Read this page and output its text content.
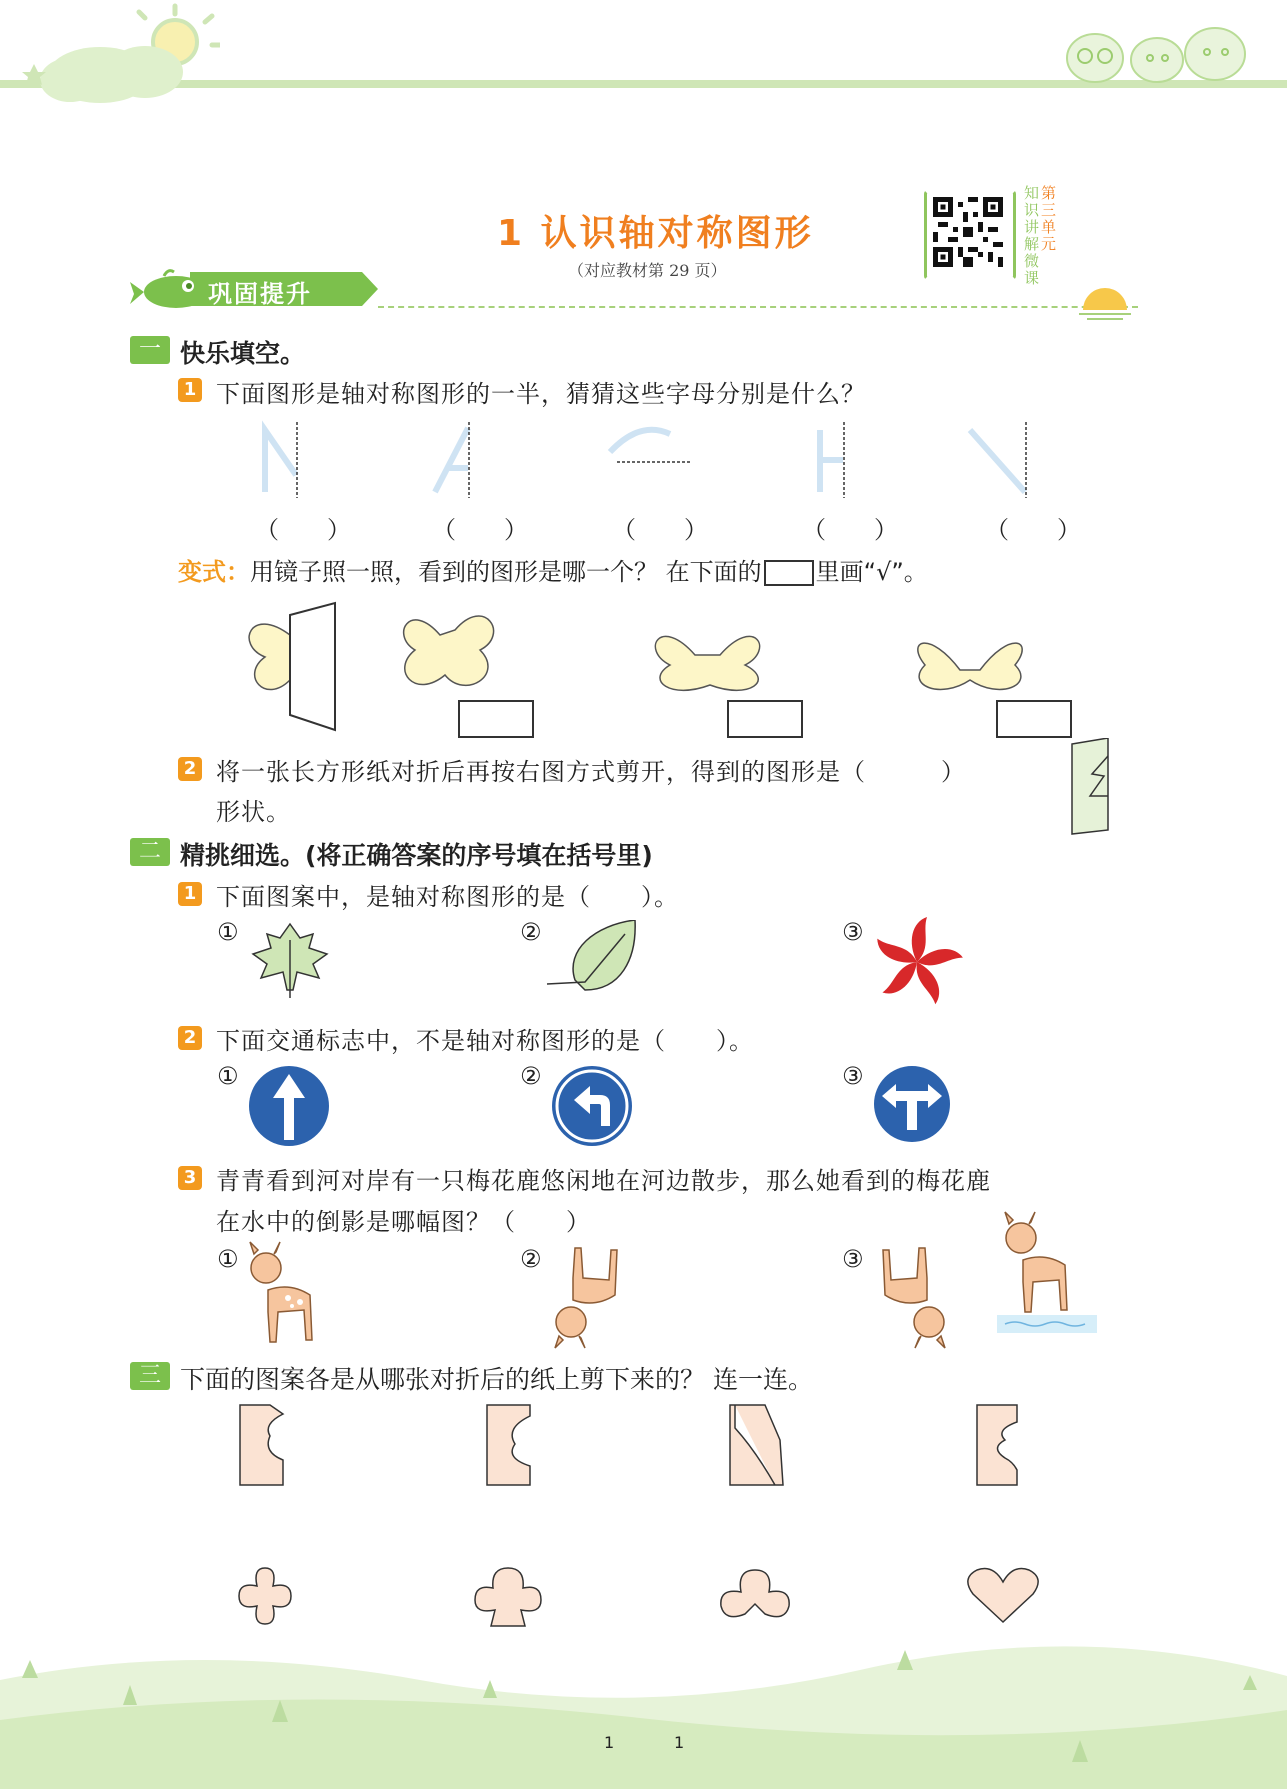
1 认识轴对称图形
（对应教材第 29 页）
第
三
单
元
知
识
讲
解
微
课
巩固提升
一 快乐填空。
1 下面图形是轴对称图形的一半，猜猜这些字母分别是什么？
（　　）	（　　）	（　　）	（　　）	（　　）
变式：用镜子照一照，看到的图形是哪一个？ 在下面的 里画“√”。
2 将一张长方形纸对折后再按右图方式剪开，得到的图形是（　　　）
形状。
二 精挑细选。(将正确答案的序号填在括号里)
1 下面图案中，是轴对称图形的是（　　）。
①	②	③
2 下面交通标志中，不是轴对称图形的是（　　）。
①	②	③
3 青青看到河对岸有一只梅花鹿悠闲地在河边散步，那么她看到的梅花鹿
在水中的倒影是哪幅图？（　　）
①	②	③
三 下面的图案各是从哪张对折后的纸上剪下来的？ 连一连。
1	1
